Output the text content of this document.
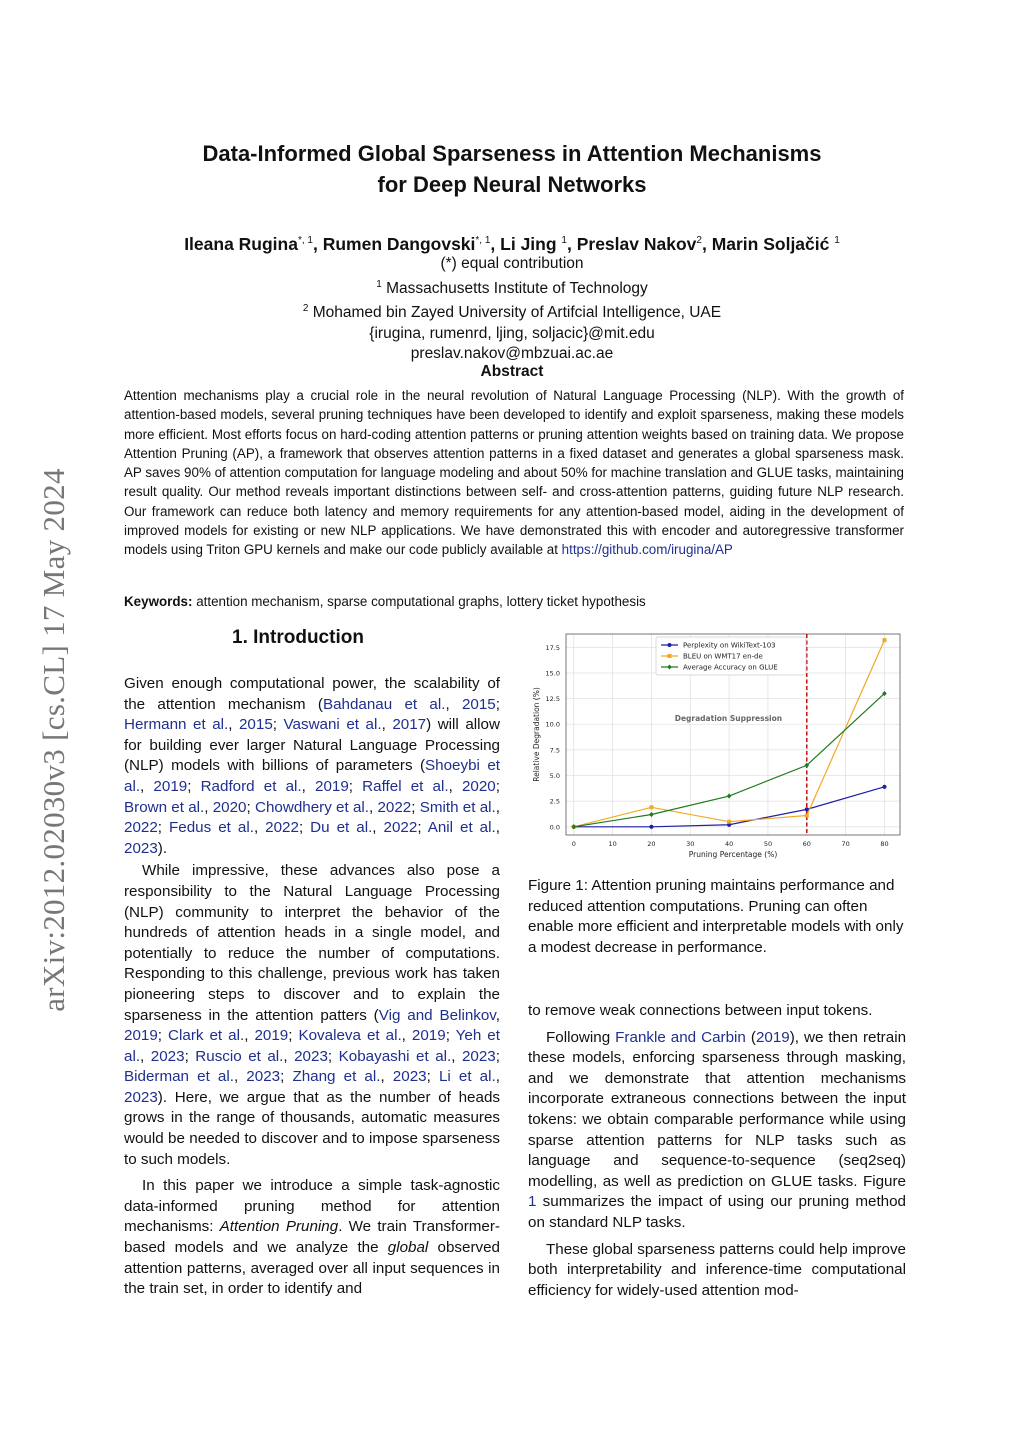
arXiv:2012.02030v3 [cs.CL] 17 May 2024
Data-Informed Global Sparseness in Attention Mechanisms
for Deep Neural Networks
Ileana Rugina$^{*, 1}$, Rumen Dangovski$^{*, 1}$, Li Jing $^1$, Preslav Nakov$^2$, Marin Soljačić $^1$
(*) equal contribution
$^1$ Massachusetts Institute of Technology
$^2$ Mohamed bin Zayed University of Artifcial Intelligence, UAE
{irugina, rumenrd, ljing, soljacic}@mit.edu
preslav.nakov@mbzuai.ac.ae
Abstract
Attention mechanisms play a crucial role in the neural revolution of Natural Language Processing (NLP). With the growth of attention-based models, several pruning techniques have been developed to identify and exploit sparseness, making these models more efficient. Most efforts focus on hard-coding attention patterns or pruning attention weights based on training data. We propose Attention Pruning (AP), a framework that observes attention patterns in a fixed dataset and generates a global sparseness mask. AP saves 90% of attention computation for language modeling and about 50% for machine translation and GLUE tasks, maintaining result quality. Our method reveals important distinctions between self- and cross-attention patterns, guiding future NLP research. Our framework can reduce both latency and memory requirements for any attention-based model, aiding in the development of improved models for existing or new NLP applications. We have demonstrated this with encoder and autoregressive transformer models using Triton GPU kernels and make our code publicly available at https://github.com/irugina/AP
Keywords: attention mechanism, sparse computational graphs, lottery ticket hypothesis
1. Introduction

Given enough computational power, the scalability of the attention mechanism (Bahdanau et al., 2015; Hermann et al., 2015; Vaswani et al., 2017) will allow for building ever larger Natural Language Processing (NLP) models with billions of parameters (Shoeybi et al., 2019; Radford et al., 2019; Raffel et al., 2020; Brown et al., 2020; Chowdhery et al., 2022; Smith et al., 2022; Fedus et al., 2022; Du et al., 2022; Anil et al., 2023).

While impressive, these advances also pose a responsibility to the Natural Language Processing (NLP) community to interpret the behavior of the hundreds of attention heads in a single model, and potentially to reduce the number of computations. Responding to this challenge, previous work has taken pioneering steps to discover and to explain the sparseness in the attention patters (Vig and Belinkov, 2019; Clark et al., 2019; Kovaleva et al., 2019; Yeh et al., 2023; Ruscio et al., 2023; Kobayashi et al., 2023; Biderman et al., 2023; Zhang et al., 2023; Li et al., 2023). Here, we argue that as the number of heads grows in the range of thousands, automatic measures would be needed to discover and to impose sparseness to such models.

In this paper we introduce a simple task-agnostic data-informed pruning method for attention mechanisms: Attention Pruning. We train Transformer-based models and we analyze the global observed attention patterns, averaged over all input sequences in the train set, in order to identify and

0	10	20	30	40	50	60	70	80
0.0
2.5
5.0
7.5
10.0
12.5
15.0
17.5
Pruning Percentage (%)
Relative Degradation (%)	Degradation Suppression
Perplexity on WikiText-103
BLEU on WMT17 en-de
Average Accuracy on GLUE
Figure 1: Attention pruning maintains performance and reduced attention computations. Pruning can often enable more efficient and interpretable models with only a modest decrease in performance.

to remove weak connections between input tokens.

Following Frankle and Carbin (2019), we then retrain these models, enforcing sparseness through masking, and we demonstrate that attention mechanisms incorporate extraneous connections between the input tokens: we obtain comparable performance while using sparse attention patterns for NLP tasks such as language and sequence-to-sequence (seq2seq) modelling, as well as prediction on GLUE tasks. Figure 1 summarizes the impact of using our pruning method on standard NLP tasks.

These global sparseness patterns could help improve both interpretability and inference-time computational efficiency for widely-used attention mod-
